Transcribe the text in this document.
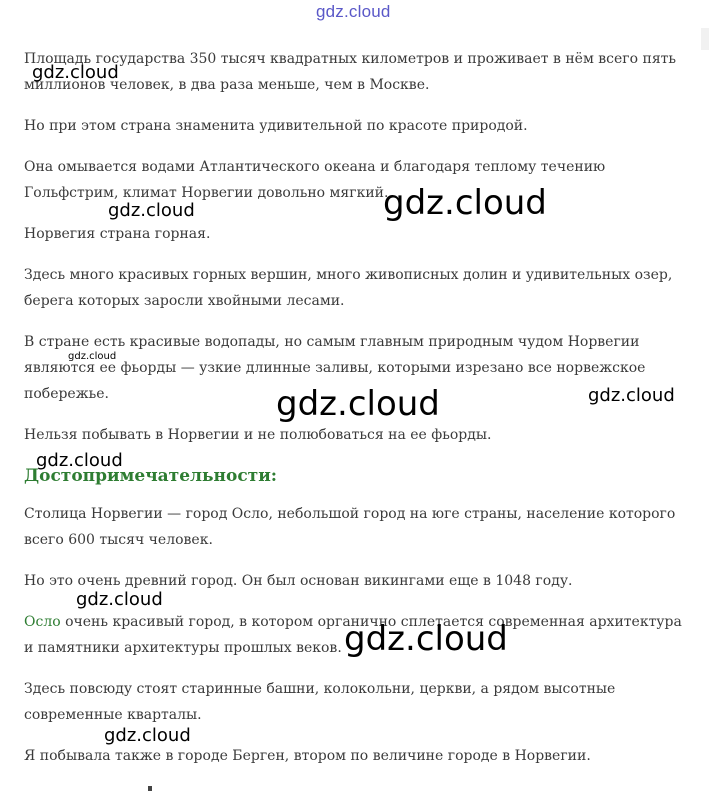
gdz.cloud

Площадь государства 350 тысяч квадратных километров и проживает в нём всего пять миллионов человек, в два раза меньше, чем в Москве.

Но при этом страна знаменита удивительной по красоте природой.

Она омывается водами Атлантического океана и благодаря теплому течению Гольфстрим, климат Норвегии довольно мягкий.

Норвегия страна горная.

Здесь много красивых горных вершин, много живописных долин и удивительных озер, берега которых заросли хвойными лесами.

В стране есть красивые водопады, но самым главным природным чудом Норвегии являются ее фьорды — узкие длинные заливы, которыми изрезано все норвежское побережье.

Нельзя побывать в Норвегии и не полюбоваться на ее фьорды.

Достопримечательности:

Столица Норвегии — город Осло, небольшой город на юге страны, население которого всего 600 тысяч человек.

Но это очень древний город. Он был основан викингами еще в 1048 году.

Осло очень красивый город, в котором органично сплетается современная архитектура и памятники архитектуры прошлых веков.

Здесь повсюду стоят старинные башни, колокольни, церкви, а рядом высотные современные кварталы.

Я побывала также в городе Берген, втором по величине городе в Норвегии.

gdz.cloud
gdz.cloud	gdz.cloud
gdz.cloud
gdz.cloud	gdz.cloud
gdz.cloud
gdz.cloud
gdz.cloud
gdz.cloud
